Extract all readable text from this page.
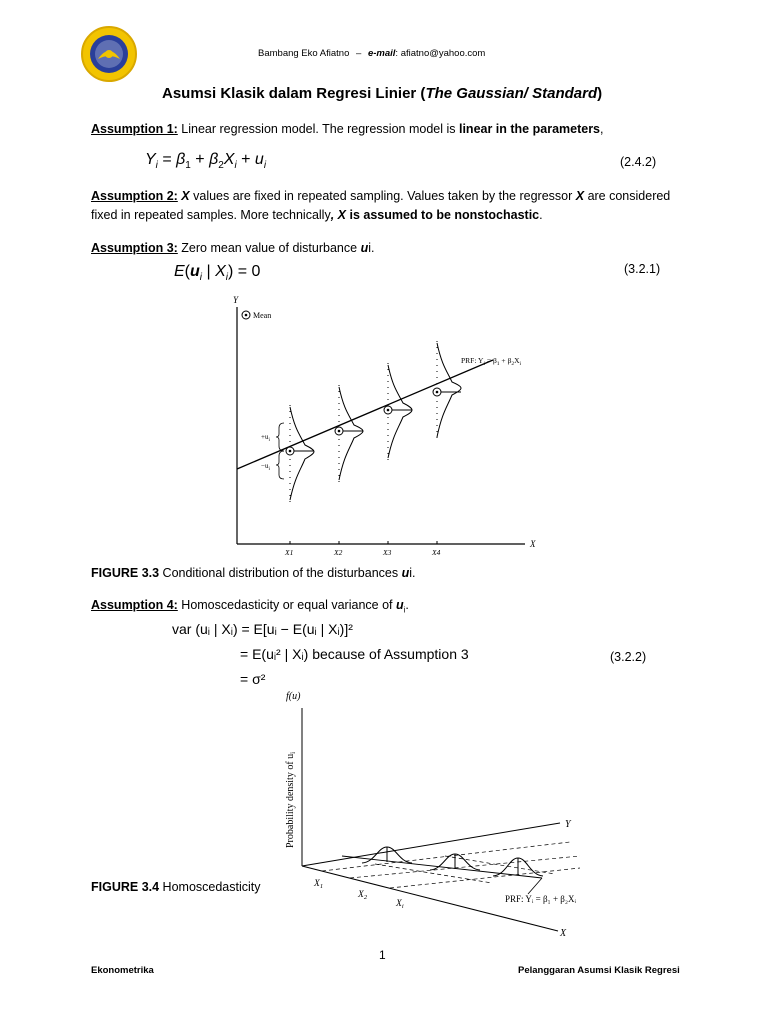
Bambang Eko Afiatno – e-mail: afiatno@yahoo.com
Asumsi Klasik dalam Regresi Linier (The Gaussian/ Standard)
Assumption 1: Linear regression model. The regression model is linear in the parameters,
$Y_i = \beta_1 + \beta_2X_i + u_i$	(2.4.2)
Assumption 2: X values are fixed in repeated sampling. Values taken by the regressor X are considered
fixed in repeated samples. More technically, X is assumed to be nonstochastic.
Assumption 3: Zero mean value of disturbance ui.
$E(u_i$ | $X_i) = 0$	(3.2.1)
Y
X
Mean
PRF: $Y_i = \beta_1 + \beta_2X_i$
$+u_i$
$-u_i$
X1	X2	X3	X4
FIGURE 3.3 Conditional distribution of the disturbances ui.
Assumption 4: Homoscedasticity or equal variance of $u_i$.
var (uᵢ | Xᵢ) = E[uᵢ − E(uᵢ | Xᵢ)]²
= E(uᵢ² | Xᵢ) because of Assumption 3
= σ²
(3.2.2)
f(u)
Probability density of $u_i$
Y
X
$X_1$
$X_2$
$X_i$
PRF: Yᵢ = β₁ + β₂Xᵢ
FIGURE 3.4 Homoscedasticity
1
Ekonometrika	Pelanggaran Asumsi Klasik Regresi
